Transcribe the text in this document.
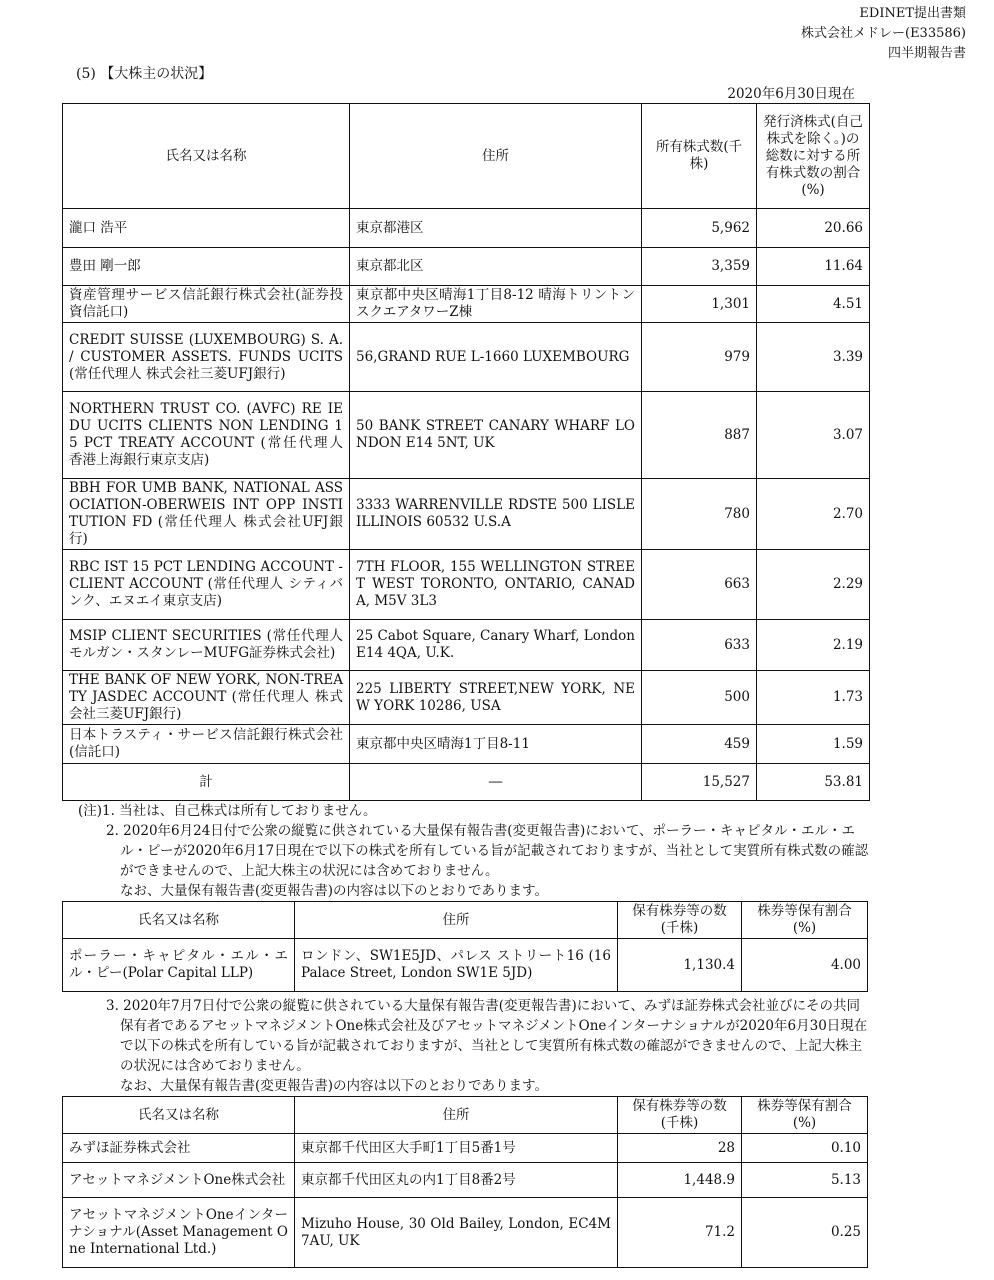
EDINET提出書類
株式会社メドレー(E33586)
四半期報告書
(5) 【大株主の状況】
2020年6月30日現在
氏名又は名称	住所	所有株式数(千株)	発行済株式(自己株式を除く。)の総数に対する所有株式数の割合(%)
瀧口 浩平	東京都港区	5,962	20.66
豊田 剛一郎	東京都北区	3,359	11.64
資産管理サービス信託銀行株式会社(証券投資信託口)	東京都中央区晴海1丁目8-12 晴海トリントンスクエアタワーZ棟	1,301	4.51
CREDIT SUISSE (LUXEMBOURG) S. A. / CUSTOMER ASSETS. FUNDS UCITS (常任代理人 株式会社三菱UFJ銀行)	56,GRAND RUE L-1660 LUXEMBOURG	979	3.39
NORTHERN TRUST CO. (AVFC) RE IEDU UCITS CLIENTS NON LENDING 15 PCT TREATY ACCOUNT (常任代理人 香港上海銀行東京支店)	50 BANK STREET CANARY WHARF LONDON E14 5NT, UK	887	3.07
BBH FOR UMB BANK, NATIONAL ASSOCIATION-OBERWEIS INT OPP INSTITUTION FD (常任代理人 株式会社UFJ銀行)	3333 WARRENVILLE RDSTE 500 LISLE ILLINOIS 60532 U.S.A	780	2.70
RBC IST 15 PCT LENDING ACCOUNT - CLIENT ACCOUNT (常任代理人 シティバンク、エヌエイ東京支店)	7TH FLOOR, 155 WELLINGTON STREET WEST TORONTO, ONTARIO, CANADA, M5V 3L3	663	2.29
MSIP CLIENT SECURITIES (常任代理人 モルガン・スタンレーMUFG証券株式会社)	25 Cabot Square, Canary Wharf, London E14 4QA, U.K.	633	2.19
THE BANK OF NEW YORK, NON-TREATY JASDEC ACCOUNT (常任代理人 株式会社三菱UFJ銀行)	225 LIBERTY STREET,NEW YORK, NEW YORK 10286, USA	500	1.73
日本トラスティ・サービス信託銀行株式会社(信託口)	東京都中央区晴海1丁目8-11	459	1.59
計	―	15,527	53.81
(注)1. 当社は、自己株式は所有しておりません。
2. 2020年6月24日付で公衆の縦覧に供されている大量保有報告書(変更報告書)において、ポーラー・キャピタル・エル・エル・ピーが2020年6月17日現在で以下の株式を所有している旨が記載されておりますが、当社として実質所有株式数の確認ができませんので、上記大株主の状況には含めておりません。
なお、大量保有報告書(変更報告書)の内容は以下のとおりであります。
氏名又は名称	住所	保有株券等の数(千株)	株券等保有割合(%)
ポーラー・キャピタル・エル・エル・ピー(Polar Capital LLP)	ロンドン、SW1E5JD、パレス ストリート16 (16 Palace Street, London SW1E 5JD)	1,130.4	4.00
3. 2020年7月7日付で公衆の縦覧に供されている大量保有報告書(変更報告書)において、みずほ証券株式会社並びにその共同保有者であるアセットマネジメントOne株式会社及びアセットマネジメントOneインターナショナルが2020年6月30日現在で以下の株式を所有している旨が記載されておりますが、当社として実質所有株式数の確認ができませんので、上記大株主の状況には含めておりません。
なお、大量保有報告書(変更報告書)の内容は以下のとおりであります。
氏名又は名称	住所	保有株券等の数(千株)	株券等保有割合(%)
みずほ証券株式会社	東京都千代田区大手町1丁目5番1号	28	0.10
アセットマネジメントOne株式会社	東京都千代田区丸の内1丁目8番2号	1,448.9	5.13
アセットマネジメントOneインターナショナル(Asset Management One International Ltd.)	Mizuho House, 30 Old Bailey, London, EC4M 7AU, UK	71.2	0.25
